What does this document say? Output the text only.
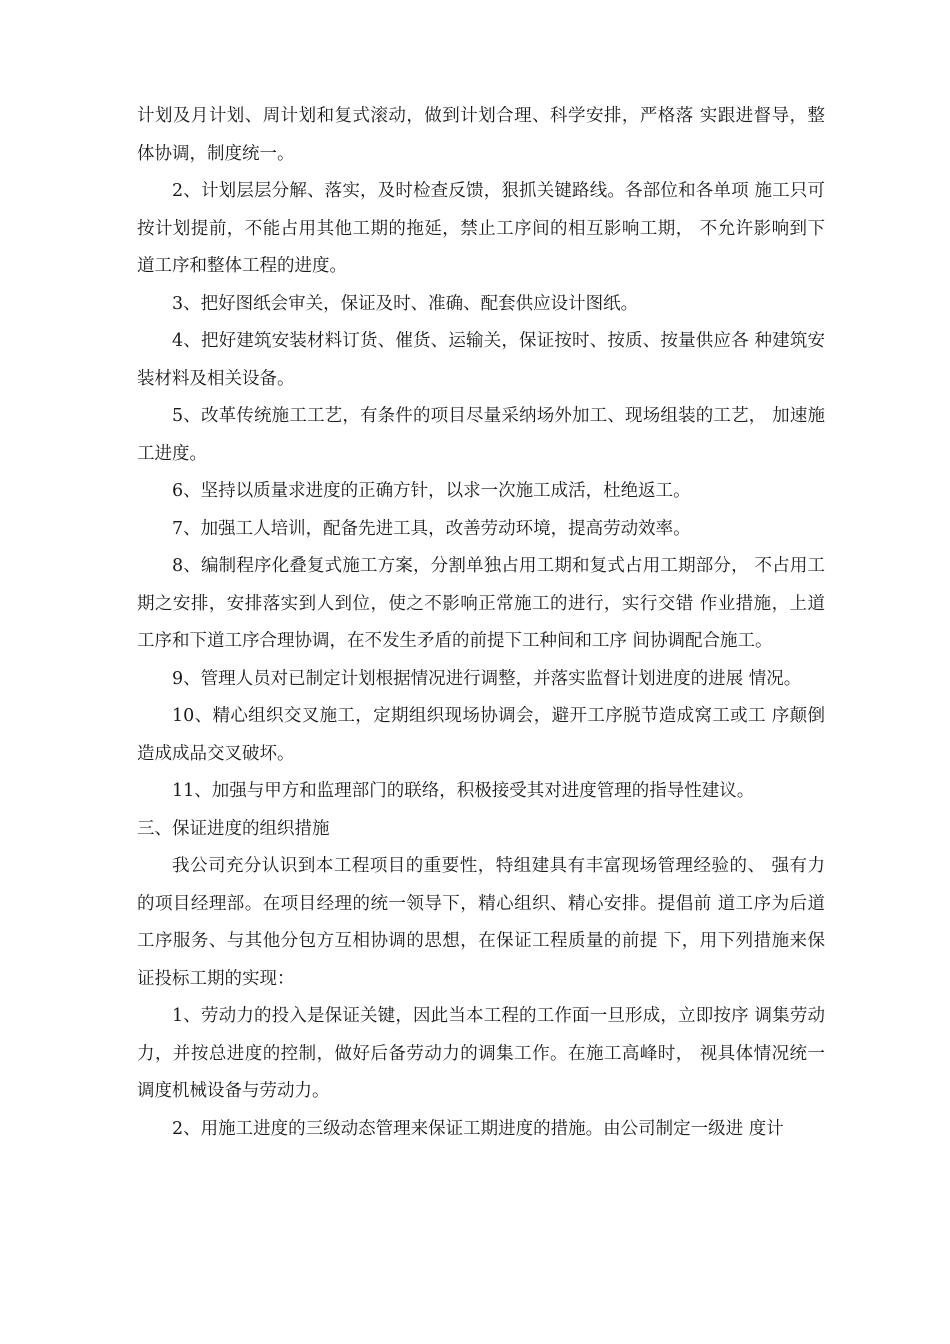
计划及月计划、周计划和复式滚动，做到计划合理、科学安排，严格落 实跟进督导，整体协调，制度统一。

2、计划层层分解、落实，及时检查反馈，狠抓关键路线。各部位和各单项 施工只可按计划提前，不能占用其他工期的拖延，禁止工序间的相互影响工期， 不允许影响到下道工序和整体工程的进度。

3、把好图纸会审关，保证及时、准确、配套供应设计图纸。

4、把好建筑安装材料订货、催货、运输关，保证按时、按质、按量供应各 种建筑安装材料及相关设备。

5、改革传统施工工艺，有条件的项目尽量采纳场外加工、现场组装的工艺， 加速施工进度。

6、坚持以质量求进度的正确方针，以求一次施工成活，杜绝返工。

7、加强工人培训，配备先进工具，改善劳动环境，提高劳动效率。

8、编制程序化叠复式施工方案，分割单独占用工期和复式占用工期部分， 不占用工期之安排，安排落实到人到位，使之不影响正常施工的进行，实行交错 作业措施，上道工序和下道工序合理协调，在不发生矛盾的前提下工种间和工序 间协调配合施工。

9、管理人员对已制定计划根据情况进行调整，并落实监督计划进度的进展 情况。

10、精心组织交叉施工，定期组织现场协调会，避开工序脱节造成窝工或工 序颠倒造成成品交叉破坏。

11、加强与甲方和监理部门的联络，积极接受其对进度管理的指导性建议。

三、保证进度的组织措施

我公司充分认识到本工程项目的重要性，特组建具有丰富现场管理经验的、 强有力的项目经理部。在项目经理的统一领导下，精心组织、精心安排。提倡前 道工序为后道工序服务、与其他分包方互相协调的思想，在保证工程质量的前提 下，用下列措施来保证投标工期的实现：

1、劳动力的投入是保证关键，因此当本工程的工作面一旦形成，立即按序 调集劳动力，并按总进度的控制，做好后备劳动力的调集工作。在施工高峰时， 视具体情况统一调度机械设备与劳动力。

2、用施工进度的三级动态管理来保证工期进度的措施。由公司制定一级进 度计
